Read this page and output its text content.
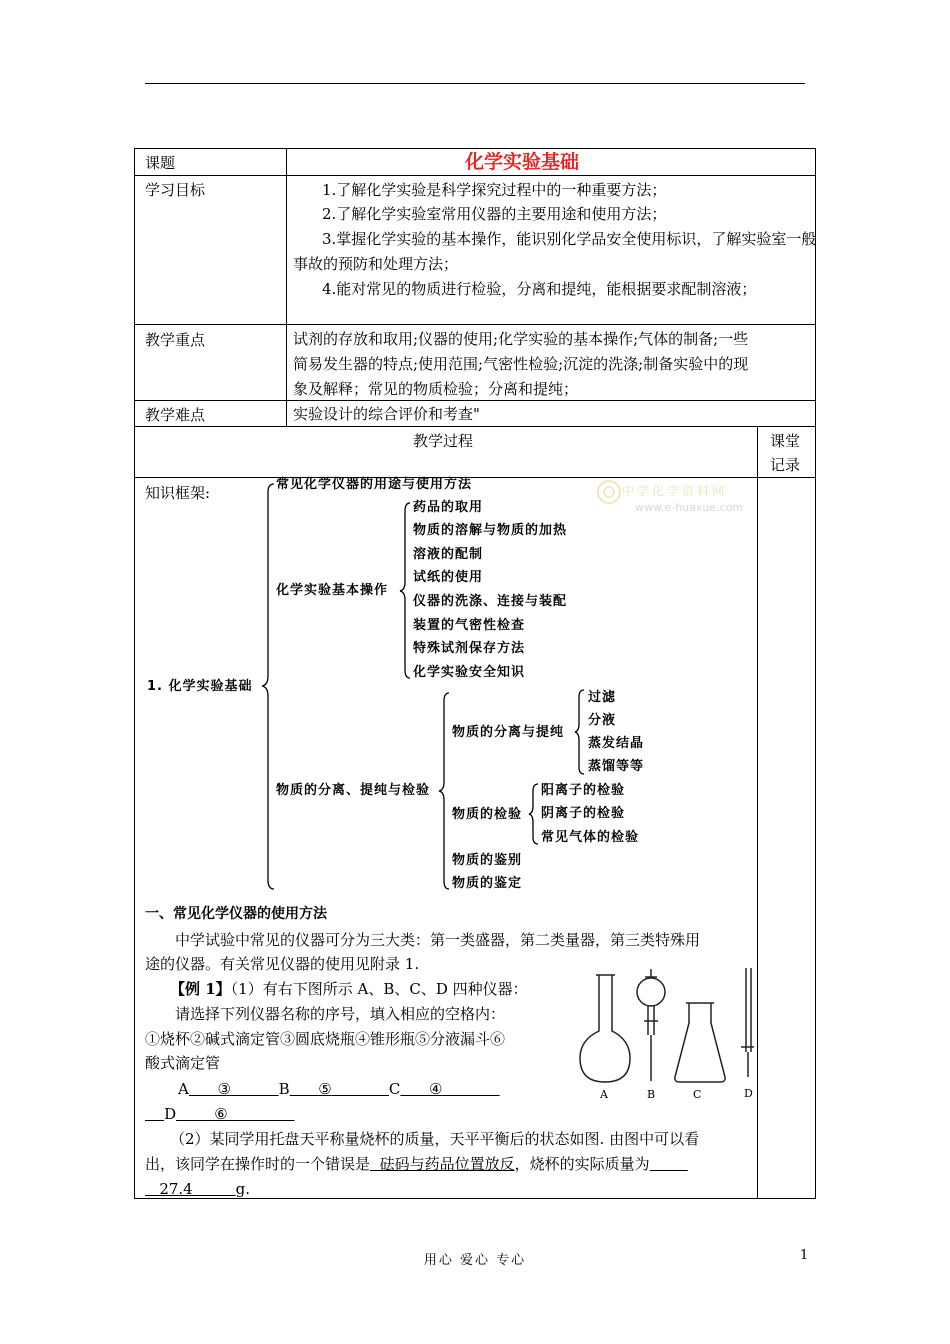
课题	化学实验基础
学习目标	1.了解化学实验是科学探究过程中的一种重要方法；
2.了解化学实验室常用仪器的主要用途和使用方法；
3.掌握化学实验的基本操作，能识别化学品安全使用标识，了解实验室一般
事故的预防和处理方法；
4.能对常见的物质进行检验，分离和提纯，能根据要求配制溶液；
教学重点	试剂的存放和取用;仪器的使用;化学实验的基本操作;气体的制备;一些
简易发生器的特点;使用范围;气密性检验;沉淀的洗涤;制备实验中的现
象及解释；常见的物质检验；分离和提纯；
教学难点	实验设计的综合评价和考查"
教学过程	课堂
记录
中学化学资料网
www.e-huaxue.com
知识框架:
1. 化学实验基础
常见化学仪器的用途与使用方法
化学实验基本操作
药品的取用
物质的溶解与物质的加热
溶液的配制
试纸的使用
仪器的洗涤、连接与装配
装置的气密性检查
特殊试剂保存方法
化学实验安全知识
物质的分离、提纯与检验
物质的分离与提纯
过滤
分液
蒸发结晶
蒸馏等等
物质的检验
阳离子的检验
阴离子的检验
常见气体的检验
物质的鉴别
物质的鉴定
一、常见化学仪器的使用方法
中学试验中常见的仪器可分为三大类：第一类盛器，第二类量器，第三类特殊用
途的仪器。有关常见仪器的使用见附录 1.
【例 1】（1）有右下图所示 A、B、C、D 四种仪器：
请选择下列仪器名称的序号，填入相应的空格内：
①烧杯②碱式滴定管③圆底烧瓶④锥形瓶⑤分液漏斗⑥
酸式滴定管
A ③	B ⑤	C ④
D	⑥
A	B	C	D
（2）某同学用托盘天平称量烧杯的质量，天平平衡后的状态如图. 由图中可以看
出，该同学在操作时的一个错误是 砝码与药品位置放反，烧杯的实际质量为
27.4	g.
用心 爱心 专心	1
